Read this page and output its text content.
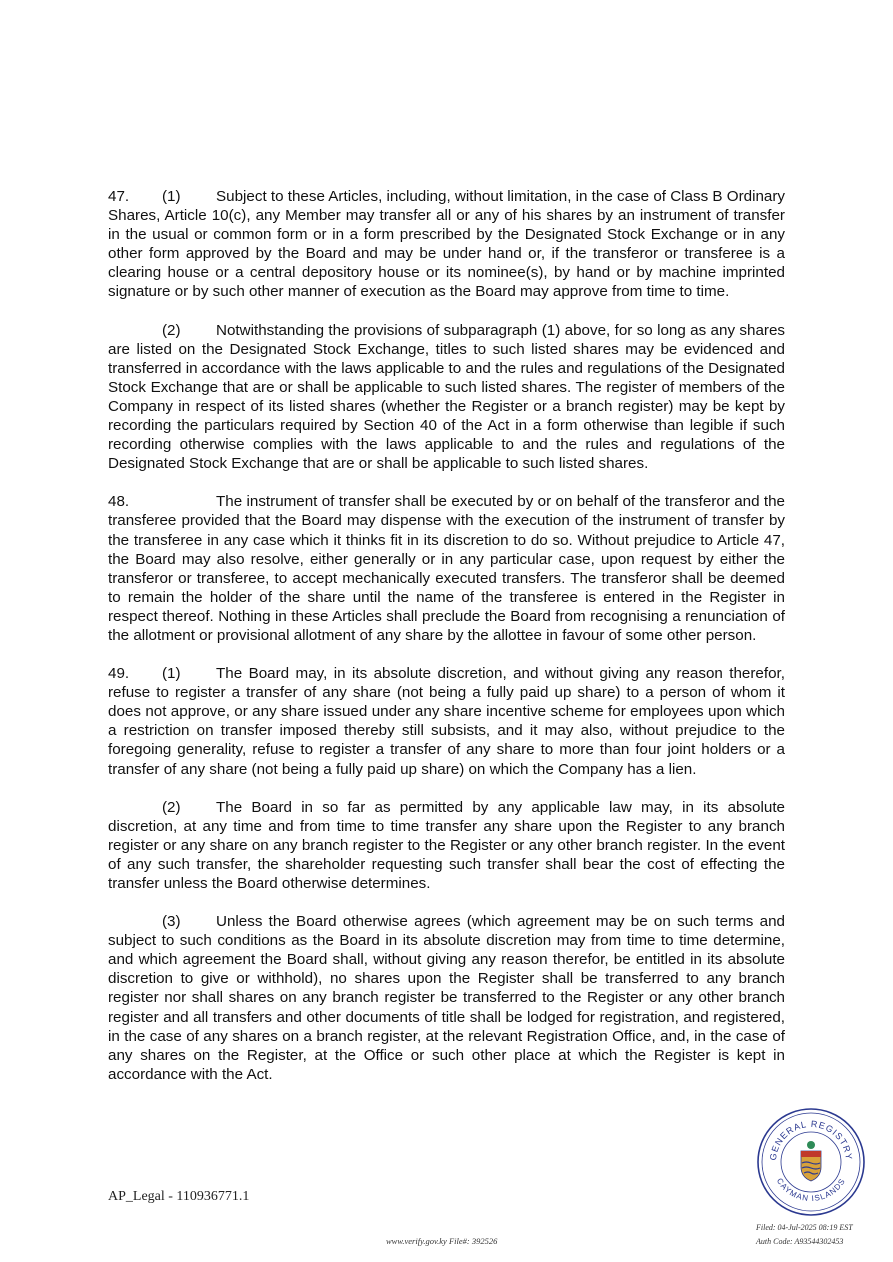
47. (1) Subject to these Articles, including, without limitation, in the case of Class B Ordinary Shares, Article 10(c), any Member may transfer all or any of his shares by an instrument of transfer in the usual or common form or in a form prescribed by the Designated Stock Exchange or in any other form approved by the Board and may be under hand or, if the transferor or transferee is a clearing house or a central depository house or its nominee(s), by hand or by machine imprinted signature or by such other manner of execution as the Board may approve from time to time.

(2) Notwithstanding the provisions of subparagraph (1) above, for so long as any shares are listed on the Designated Stock Exchange, titles to such listed shares may be evidenced and transferred in accordance with the laws applicable to and the rules and regulations of the Designated Stock Exchange that are or shall be applicable to such listed shares. The register of members of the Company in respect of its listed shares (whether the Register or a branch register) may be kept by recording the particulars required by Section 40 of the Act in a form otherwise than legible if such recording otherwise complies with the laws applicable to and the rules and regulations of the Designated Stock Exchange that are or shall be applicable to such listed shares.

48.	The instrument of transfer shall be executed by or on behalf of the transferor and the transferee provided that the Board may dispense with the execution of the instrument of transfer by the transferee in any case which it thinks fit in its discretion to do so. Without prejudice to Article 47, the Board may also resolve, either generally or in any particular case, upon request by either the transferor or transferee, to accept mechanically executed transfers. The transferor shall be deemed to remain the holder of the share until the name of the transferee is entered in the Register in respect thereof. Nothing in these Articles shall preclude the Board from recognising a renunciation of the allotment or provisional allotment of any share by the allottee in favour of some other person.

49. (1) The Board may, in its absolute discretion, and without giving any reason therefor, refuse to register a transfer of any share (not being a fully paid up share) to a person of whom it does not approve, or any share issued under any share incentive scheme for employees upon which a restriction on transfer imposed thereby still subsists, and it may also, without prejudice to the foregoing generality, refuse to register a transfer of any share to more than four joint holders or a transfer of any share (not being a fully paid up share) on which the Company has a lien.

(2) The Board in so far as permitted by any applicable law may, in its absolute discretion, at any time and from time to time transfer any share upon the Register to any branch register or any share on any branch register to the Register or any other branch register. In the event of any such transfer, the shareholder requesting such transfer shall bear the cost of effecting the transfer unless the Board otherwise determines.

(3) Unless the Board otherwise agrees (which agreement may be on such terms and subject to such conditions as the Board in its absolute discretion may from time to time determine, and which agreement the Board shall, without giving any reason therefor, be entitled in its absolute discretion to give or withhold), no shares upon the Register shall be transferred to any branch register nor shall shares on any branch register be transferred to the Register or any other branch register and all transfers and other documents of title shall be lodged for registration, and registered, in the case of any shares on a branch register, at the relevant Registration Office, and, in the case of any shares on the Register, at the Office or such other place at which the Register is kept in accordance with the Act.

AP_Legal - 110936771.1
GENERAL REGISTRY
CAYMAN ISLANDS
Filed: 04-Jul-2025 08:19 EST
Auth Code: A93544302453
www.verify.gov.ky File#: 392526
